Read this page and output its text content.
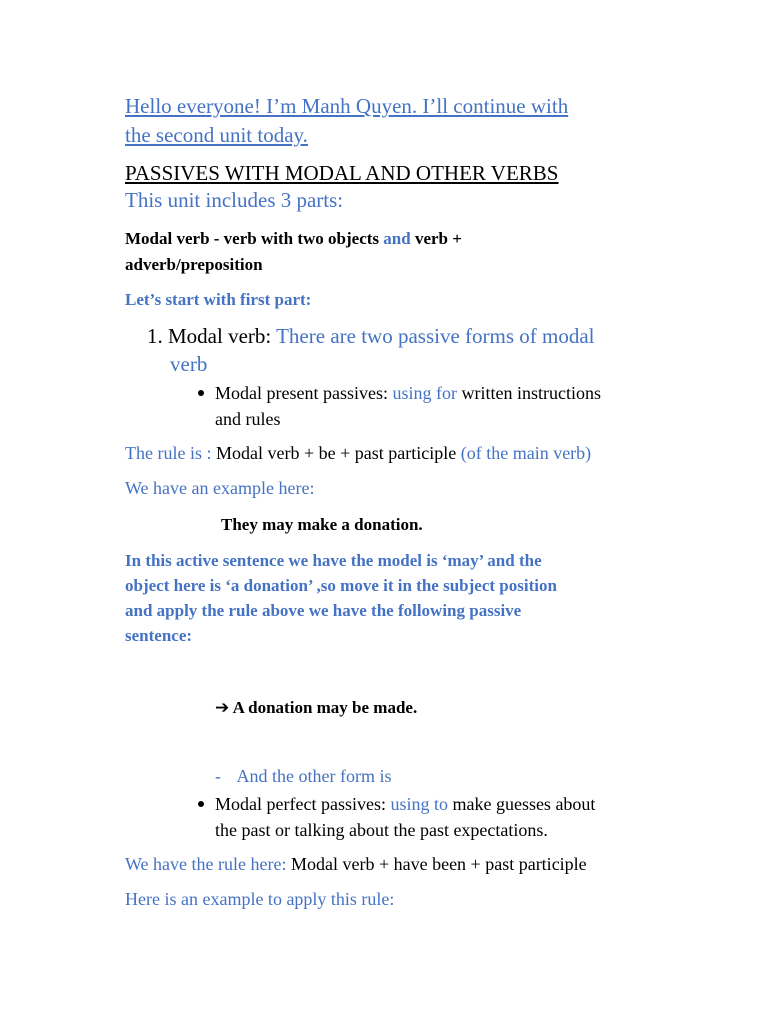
Hello everyone! I’m Manh Quyen. I’ll continue with
the second unit today.

PASSIVES WITH MODAL AND OTHER VERBS

This unit includes 3 parts:

Modal verb - verb with two objects and verb +
adverb/preposition

Let’s start with first part:

1. Modal verb: There are two passive forms of modal
verb

Modal present passives: using for written instructions
and rules

The rule is : Modal verb + be + past participle (of the main verb)

We have an example here:

They may make a donation.

In this active sentence we have the model is ‘may’ and the
object here is ‘a donation’ ,so move it in the subject position
and apply the rule above we have the following passive
sentence:

➔ A donation may be made.

- And the other form is

Modal perfect passives: using to make guesses about
the past or talking about the past expectations.

We have the rule here: Modal verb + have been + past participle

Here is an example to apply this rule:
